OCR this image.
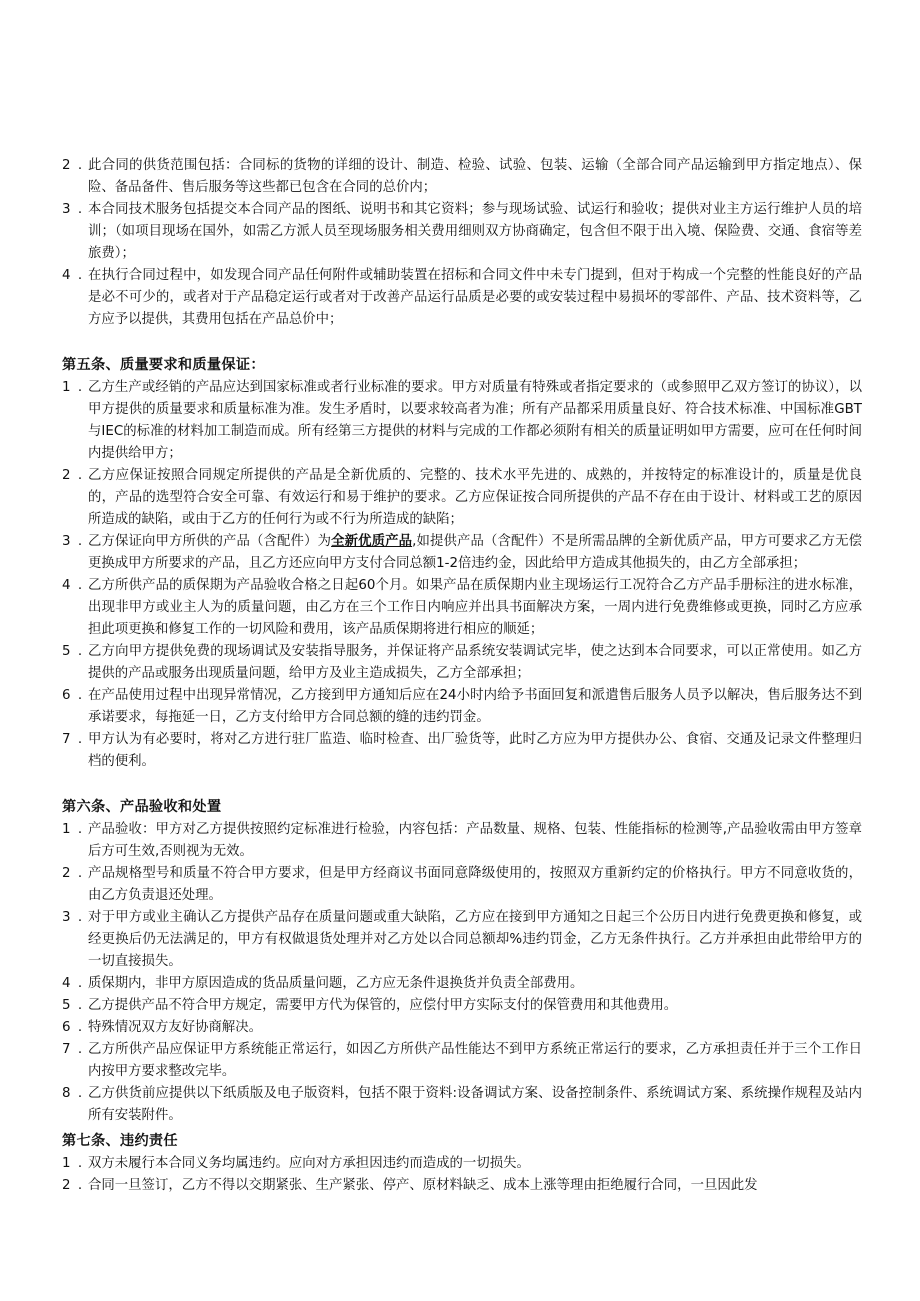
2 . 此合同的供货范围包括：合同标的货物的详细的设计、制造、检验、试验、包装、运输（全部合同产品运输到甲方指定地点）、保险、备品备件、售后服务等这些都已包含在合同的总价内；
3 . 本合同技术服务包括提交本合同产品的图纸、说明书和其它资料；参与现场试验、试运行和验收；提供对业主方运行维护人员的培训；（如项目现场在国外，如需乙方派人员至现场服务相关费用细则双方协商确定，包含但不限于出入境、保险费、交通、食宿等差旅费）；
4 . 在执行合同过程中，如发现合同产品任何附件或辅助装置在招标和合同文件中未专门提到，但对于构成一个完整的性能良好的产品是必不可少的，或者对于产品稳定运行或者对于改善产品运行品质是必要的或安装过程中易损坏的零部件、产品、技术资料等，乙方应予以提供，其费用包括在产品总价中；
第五条、质量要求和质量保证：
1 . 乙方生产或经销的产品应达到国家标准或者行业标准的要求。甲方对质量有特殊或者指定要求的（或参照甲乙双方签订的协议），以甲方提供的质量要求和质量标准为准。发生矛盾时，以要求较高者为准；所有产品都采用质量良好、符合技术标准、中国标准GBT与IEC的标准的材料加工制造而成。所有经第三方提供的材料与完成的工作都必须附有相关的质量证明如甲方需要，应可在任何时间内提供给甲方；
2 . 乙方应保证按照合同规定所提供的产品是全新优质的、完整的、技术水平先进的、成熟的，并按特定的标准设计的，质量是优良的，产品的选型符合安全可靠、有效运行和易于维护的要求。乙方应保证按合同所提供的产品不存在由于设计、材料或工艺的原因所造成的缺陷，或由于乙方的任何行为或不行为所造成的缺陷；
3 . 乙方保证向甲方所供的产品（含配件）为全新优质产品,如提供产品（含配件）不是所需品牌的全新优质产品，甲方可要求乙方无偿更换成甲方所要求的产品，且乙方还应向甲方支付合同总额1-2倍违约金，因此给甲方造成其他损失的，由乙方全部承担；
4 . 乙方所供产品的质保期为产品验收合格之日起60个月。如果产品在质保期内业主现场运行工况符合乙方产品手册标注的进水标准，出现非甲方或业主人为的质量问题，由乙方在三个工作日内响应并出具书面解决方案，一周内进行免费维修或更换，同时乙方应承担此项更换和修复工作的一切风险和费用，该产品质保期将进行相应的顺延；
5 . 乙方向甲方提供免费的现场调试及安装指导服务，并保证将产品系统安装调试完毕，使之达到本合同要求，可以正常使用。如乙方提供的产品或服务出现质量问题，给甲方及业主造成损失，乙方全部承担；
6 . 在产品使用过程中出现异常情况，乙方接到甲方通知后应在24小时内给予书面回复和派遣售后服务人员予以解决，售后服务达不到承诺要求，每拖延一日，乙方支付给甲方合同总额的缝的违约罚金。
7 . 甲方认为有必要时，将对乙方进行驻厂监造、临时检查、出厂验货等，此时乙方应为甲方提供办公、食宿、交通及记录文件整理归档的便利。
第六条、产品验收和处置
1 . 产品验收：甲方对乙方提供按照约定标准进行检验，内容包括：产品数量、规格、包装、性能指标的检测等,产品验收需由甲方签章后方可生效,否则视为无效。
2 . 产品规格型号和质量不符合甲方要求，但是甲方经商议书面同意降级使用的，按照双方重新约定的价格执行。甲方不同意收货的，由乙方负责退还处理。
3 . 对于甲方或业主确认乙方提供产品存在质量问题或重大缺陷，乙方应在接到甲方通知之日起三个公历日内进行免费更换和修复，或经更换后仍无法满足的，甲方有权做退货处理并对乙方处以合同总额却%违约罚金，乙方无条件执行。乙方并承担由此带给甲方的一切直接损失。
4 . 质保期内，非甲方原因造成的货品质量问题，乙方应无条件退换货并负责全部费用。
5 . 乙方提供产品不符合甲方规定，需要甲方代为保管的，应偿付甲方实际支付的保管费用和其他费用。
6 . 特殊情况双方友好协商解决。
7 . 乙方所供产品应保证甲方系统能正常运行，如因乙方所供产品性能达不到甲方系统正常运行的要求，乙方承担责任并于三个工作日内按甲方要求整改完毕。
8 . 乙方供货前应提供以下纸质版及电子版资料，包括不限于资料:设备调试方案、设备控制条件、系统调试方案、系统操作规程及站内所有安装附件。
第七条、违约责任
1 . 双方未履行本合同义务均属违约。应向对方承担因违约而造成的一切损失。
2 . 合同一旦签订，乙方不得以交期紧张、生产紧张、停产、原材料缺乏、成本上涨等理由拒绝履行合同，一旦因此发
